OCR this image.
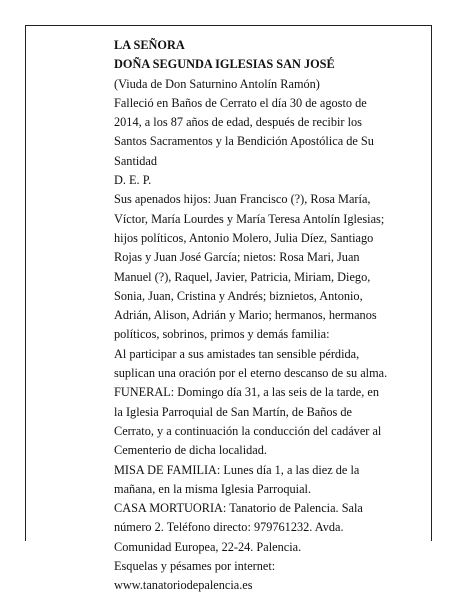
LA SEÑORA
DOÑA SEGUNDA IGLESIAS SAN JOSÉ
(Viuda de Don Saturnino Antolín Ramón)
Falleció en Baños de Cerrato el día 30 de agosto de
2014, a los 87 años de edad, después de recibir los
Santos Sacramentos y la Bendición Apostólica de Su
Santidad
D. E. P.
Sus apenados hijos: Juan Francisco (?), Rosa María,
Víctor, María Lourdes y María Teresa Antolín Iglesias;
hijos políticos, Antonio Molero, Julia Díez, Santiago
Rojas y Juan José García; nietos: Rosa Mari, Juan
Manuel (?), Raquel, Javier, Patricia, Miriam, Diego,
Sonia, Juan, Cristina y Andrés; biznietos, Antonio,
Adrián, Alison, Adrián y Mario; hermanos, hermanos
políticos, sobrinos, primos y demás familia:
Al participar a sus amistades tan sensible pérdida,
suplican una oración por el eterno descanso de su alma.
FUNERAL: Domingo día 31, a las seis de la tarde, en
la Iglesia Parroquial de San Martín, de Baños de
Cerrato, y a continuación la conducción del cadáver al
Cementerio de dicha localidad.
MISA DE FAMILIA: Lunes día 1, a las diez de la
mañana, en la misma Iglesia Parroquial.
CASA MORTUORIA: Tanatorio de Palencia. Sala
número 2. Teléfono directo: 979761232. Avda.
Comunidad Europea, 22-24. Palencia.
Esquelas y pésames por internet:
www.tanatoriodepalencia.es
